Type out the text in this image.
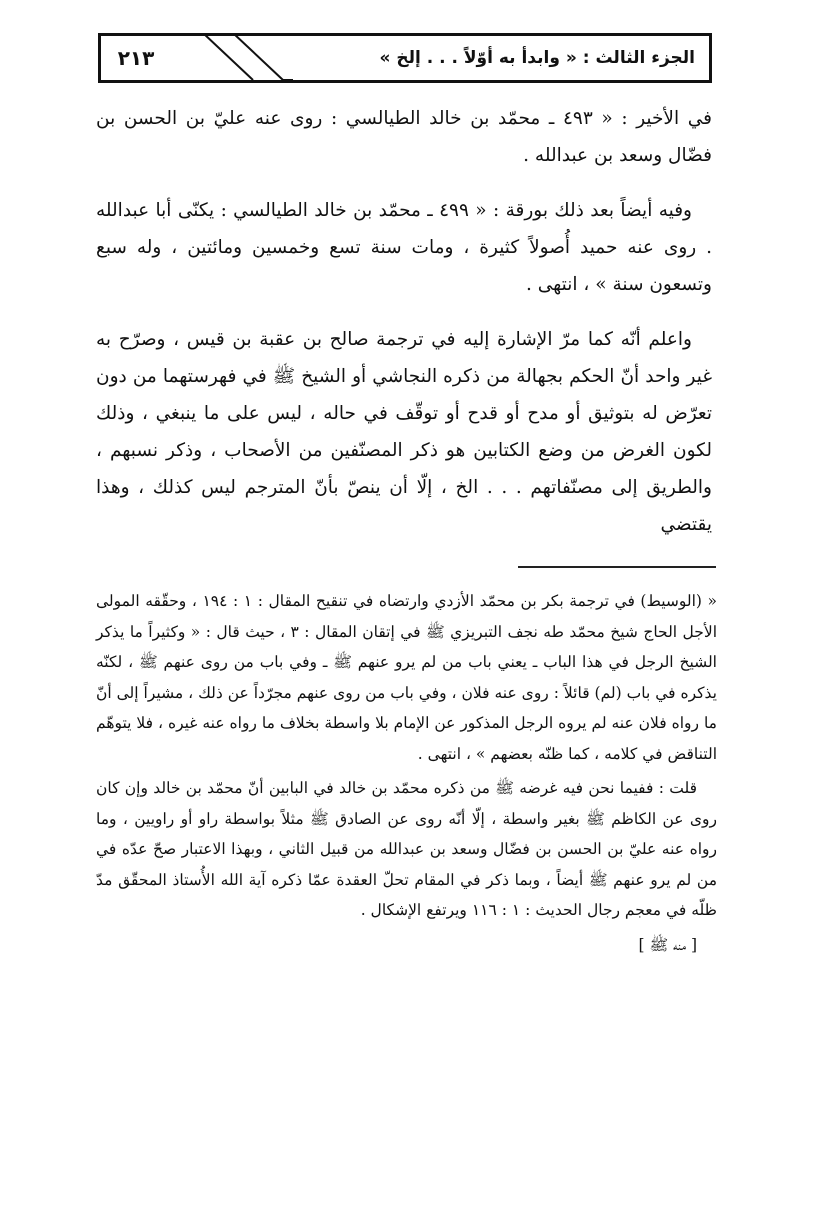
٢١٣	الجزء الثالث : « وابدأ به أوّلاً . . . إلخ »

في الأخير : « ٤٩٣ ـ محمّد بن خالد الطيالسي : روى عنه عليّ بن الحسن بن فضّال وسعد بن عبدالله .

وفيه أيضاً بعد ذلك بورقة : « ٤٩٩ ـ محمّد بن خالد الطيالسي : يكنّى أبا عبدالله . روى عنه حميد أُصولاً كثيرة ، ومات سنة تسع وخمسين ومائتين ، وله سبع وتسعون سنة » ، انتهى .

واعلم أنّه كما مرّ الإشارة إليه في ترجمة صالح بن عقبة بن قيس ، وصرّح به غير واحد أنّ الحكم بجهالة من ذكره النجاشي أو الشيخ ﷺ في فهرستهما من دون تعرّض له بتوثيق أو مدح أو قدح أو توقّف في حاله ، ليس على ما ينبغي ، وذلك لكون الغرض من وضع الكتابين هو ذكر المصنّفين من الأصحاب ، وذكر نسبهم ، والطريق إلى مصنّفاتهم . . . الخ ، إلّا أن ينصّ بأنّ المترجم ليس كذلك ، وهذا يقتضي

« (الوسيط) في ترجمة بكر بن محمّد الأزدي وارتضاه في تنقيح المقال : ١ : ١٩٤ ، وحقّقه المولى الأجل الحاج شيخ محمّد طه نجف التبريزي ﷺ في إتقان المقال : ٣ ، حيث قال : « وكثيراً ما يذكر الشيخ الرجل في هذا الباب ـ يعني باب من لم يرو عنهم ﷺ ـ وفي باب من روى عنهم ﷺ ، لكنّه يذكره في باب (لم) قائلاً : روى عنه فلان ، وفي باب من روى عنهم مجرّداً عن ذلك ، مشيراً إلى أنّ ما رواه فلان عنه لم يروه الرجل المذكور عن الإمام بلا واسطة بخلاف ما رواه عنه غيره ، فلا يتوهّم التناقض في كلامه ، كما ظنّه بعضهم » ، انتهى .

قلت : ففيما نحن فيه غرضه ﷺ من ذكره محمّد بن خالد في البابين أنّ محمّد بن خالد وإن كان روى عن الكاظم ﷺ بغير واسطة ، إلّا أنّه روى عن الصادق ﷺ مثلاً بواسطة راو أو راويين ، وما رواه عنه عليّ بن الحسن بن فضّال وسعد بن عبدالله من قبيل الثاني ، وبهذا الاعتبار صحّ عدّه في من لم يرو عنهم ﷺ أيضاً ، وبما ذكر في المقام تحلّ العقدة عمّا ذكره آية الله الأُستاذ المحقّق مدّ ظلّه في معجم رجال الحديث : ١ : ١١٦ ويرتفع الإشكال .

[ منه ﷺ ]
